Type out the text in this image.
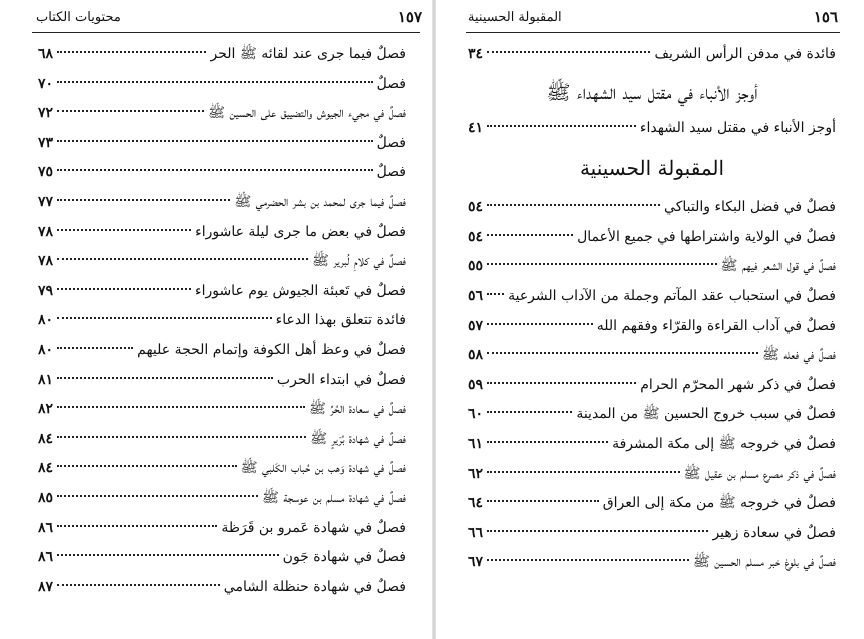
١٥٧
محتويات الكتاب
فصلٌ فيما جرى عند لقائه ﷺ الحر
٦٨
فصلٌ
٧٠
فصلٌ في مجيء الجيوش والتضييق على الحسين ﷺ
٧٢
فصلٌ
٧٣
فصلٌ
٧٥
فصلٌ فيما جرى لمحمد بن بشر الحضرمي ﷺ
٧٧
فصلٌ في بعض ما جرى ليلة عاشوراء
٧٨
فصلٌ في كلامِ لُبرير ﷺ
٧٨
فصلٌ في تَعبئة الجيوش يوم عاشوراء
٧٩
فائدة تتعلق بهذا الدعاء
٨٠
فصلٌ في وعظ أهل الكوفة وإتمام الحجة عليهم
٨٠
فصلٌ في ابتداء الحرب
٨١
فصلٌ في سعادة الحُرِّ ﷺ
٨٢
فصلٌ في شهادة بُرَيرٍ ﷺ
٨٤
فصلٌ في شهادة وَهب بن حُباب الكَلبي ﷺ
٨٤
فصلٌ في شهادة مسلم بن عوسجة ﷺ
٨٥
فصلٌ في شهادة عَمرو بن قَرَظة
٨٦
فصلٌ في شهادة جَون
٨٦
فصلٌ في شهادة حنظلة الشامي
٨٧
١٥٦
المقبولة الحسينية
فائدة في مدفن الرأس الشريف
٣٤
أوجز الأنباء في مقتل سيد الشهداء ﷺ
أوجز الأنباء في مقتل سيد الشهداء
٤١
المقبولة الحسينية
فصلٌ في فضل البكاء والتباكي
٥٤
فصلٌ في الولاية واشتراطها في جميع الأعمال
٥٤
فصلٌ في قول الشعر فيهم ﷺ
٥٥
فصلٌ في استحباب عقد المآتم وجملة من الآداب الشرعية
٥٦
فصلٌ في آداب القراءة والقرّاء وفقهم الله
٥٧
فصلٌ في فعله ﷺ
٥٨
فصلٌ في ذكر شهر المحرّم الحرام
٥٩
فصلٌ في سبب خروج الحسين ﷺ من المدينة
٦٠
فصلٌ في خروجه ﷺ إلى مكة المشرفة
٦١
فصلٌ في ذكر مصرع مسلم بن عقيل ﷺ
٦٢
فصلٌ في خروجه ﷺ من مكة إلى العراق
٦٤
فصلٌ في سعادة زهير
٦٦
فصلٌ في بلوغ خبر مسلم الحسين ﷺ
٦٧
